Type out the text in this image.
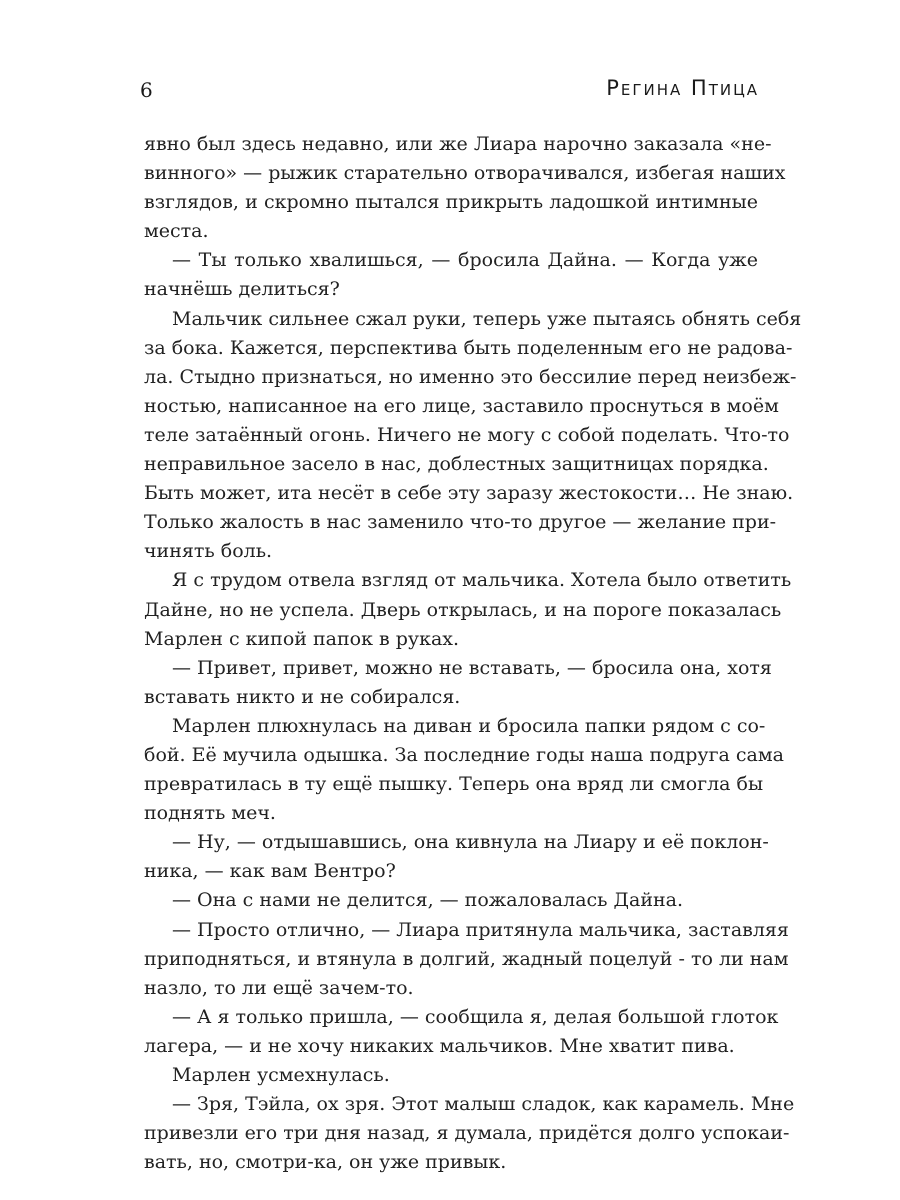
6	Регина Птица
явно был здесь недавно, или же Лиара нарочно заказала «не-
винного» — рыжик старательно отворачивался, избегая наших
взглядов, и скромно пытался прикрыть ладошкой интимные
места.
— Ты только хвалишься, — бросила Дайна. — Когда уже
начнёшь делиться?
Мальчик сильнее сжал руки, теперь уже пытаясь обнять себя
за бока. Кажется, перспектива быть поделенным его не радова-
ла. Стыдно признаться, но именно это бессилие перед неизбеж-
ностью, написанное на его лице, заставило проснуться в моём
теле затаённый огонь. Ничего не могу с собой поделать. Что-то
неправильное засело в нас, доблестных защитницах порядка.
Быть может, ита несёт в себе эту заразу жестокости… Не знаю.
Только жалость в нас заменило что-то другое — желание при-
чинять боль.
Я с трудом отвела взгляд от мальчика. Хотела было ответить
Дайне, но не успела. Дверь открылась, и на пороге показалась
Марлен с кипой папок в руках.
— Привет, привет, можно не вставать, — бросила она, хотя
вставать никто и не собирался.
Марлен плюхнулась на диван и бросила папки рядом с со-
бой. Её мучила одышка. За последние годы наша подруга сама
превратилась в ту ещё пышку. Теперь она вряд ли смогла бы
поднять меч.
— Ну, — отдышавшись, она кивнула на Лиару и её поклон-
ника, — как вам Вентро?
— Она с нами не делится, — пожаловалась Дайна.
— Просто отлично, — Лиара притянула мальчика, заставляя
приподняться, и втянула в долгий, жадный поцелуй - то ли нам
назло, то ли ещё зачем-то.
— А я только пришла, — сообщила я, делая большой глоток
лагера, — и не хочу никаких мальчиков. Мне хватит пива.
Марлен усмехнулась.
— Зря, Тэйла, ох зря. Этот малыш сладок, как карамель. Мне
привезли его три дня назад, я думала, придётся долго успокаи-
вать, но, смотри-ка, он уже привык.
